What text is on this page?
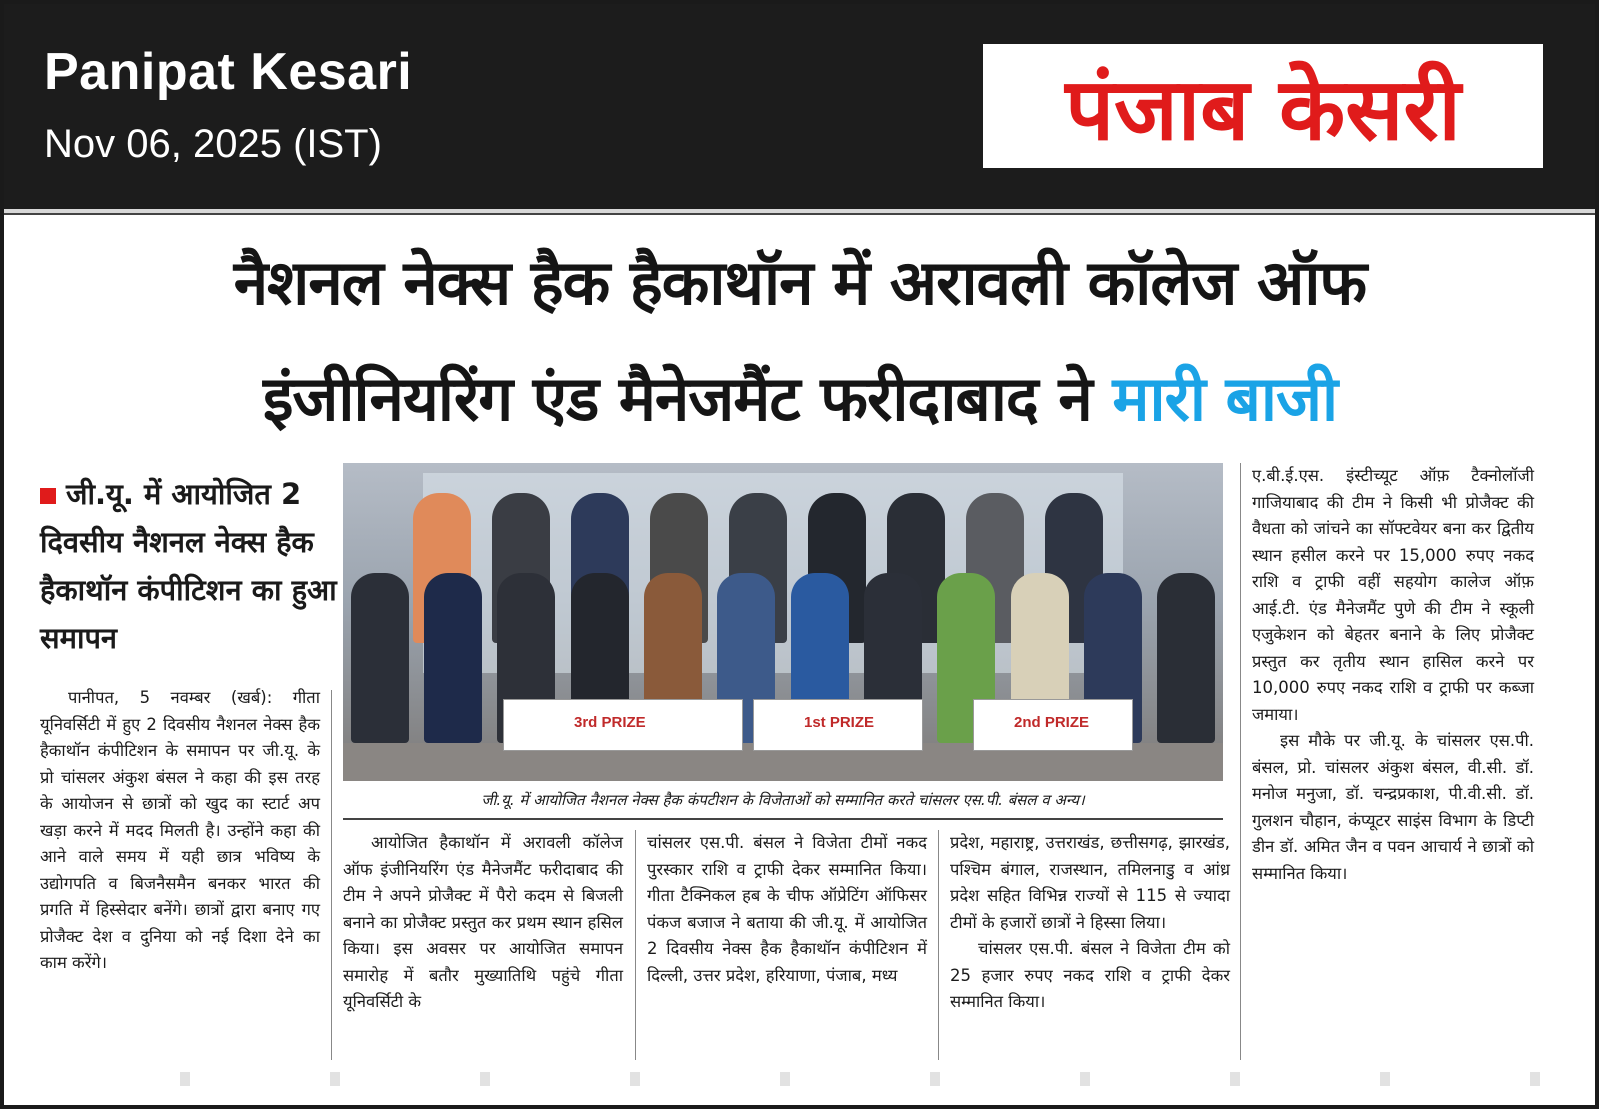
Panipat Kesari
Nov 06, 2025 (IST)	पंजाब केसरी
नैशनल नेक्स हैक हैकाथॉन में अरावली कॉलेज ऑफ
इंजीनियरिंग एंड मैनेजमैंट फरीदाबाद ने मारी बाजी
जी.यू. में आयोजित 2 दिवसीय नैशनल नेक्स हैक हैकाथॉन कंपीटिशन का हुआ समापन
3rd PRIZE	1st PRIZE	2nd PRIZE
जी.यू. में आयोजित नैशनल नेक्स हैक कंपटीशन के विजेताओं को सम्मानित करते चांसलर एस.पी. बंसल व अन्य।

पानीपत, 5 नवम्बर (खर्ब): गीता यूनिवर्सिटी में हुए 2 दिवसीय नैशनल नेक्स हैक हैकाथॉन कंपीटिशन के समापन पर जी.यू. के प्रो चांसलर अंकुश बंसल ने कहा की इस तरह के आयोजन से छात्रों को खुद का स्टार्ट अप खड़ा करने में मदद मिलती है। उन्होंने कहा की आने वाले समय में यही छात्र भविष्य के उद्योगपति व बिजनैसमैन बनकर भारत की प्रगति में हिस्सेदार बनेंगे। छात्रों द्वारा बनाए गए प्रोजैक्ट देश व दुनिया को नई दिशा देने का काम करेंगे।

आयोजित हैकाथॉन में अरावली कॉलेज ऑफ इंजीनियरिंग एंड मैनेजमैंट फरीदाबाद की टीम ने अपने प्रोजैक्ट में पैरो कदम से बिजली बनाने का प्रोजैक्ट प्रस्तुत कर प्रथम स्थान हसिल किया। इस अवसर पर आयोजित समापन समारोह में बतौर मुख्यातिथि पहुंचे गीता यूनिवर्सिटी के

चांसलर एस.पी. बंसल ने विजेता टीमों नकद पुरस्कार राशि व ट्राफी देकर सम्मानित किया। गीता टैक्निकल हब के चीफ ऑप्रेटिंग ऑफिसर पंकज बजाज ने बताया की जी.यू. में आयोजित 2 दिवसीय नेक्स हैक हैकाथॉन कंपीटिशन में दिल्ली, उत्तर प्रदेश, हरियाणा, पंजाब, मध्य

प्रदेश, महाराष्ट्र, उत्तराखंड, छत्तीसगढ़, झारखंड, पश्चिम बंगाल, राजस्थान, तमिलनाडु व आंध्र प्रदेश सहित विभिन्न राज्यों से 115 से ज्यादा टीमों के हजारों छात्रों ने हिस्सा लिया।

चांसलर एस.पी. बंसल ने विजेता टीम को 25 हजार रुपए नकद राशि व ट्राफी देकर सम्मानित किया।

ए.बी.ई.एस. इंस्टीच्यूट ऑफ़ टैक्नोलॉजी गाजियाबाद की टीम ने किसी भी प्रोजैक्ट की वैधता को जांचने का सॉफ्टवेयर बना कर द्वितीय स्थान हसील करने पर 15,000 रुपए नकद राशि व ट्राफी वहीं सहयोग कालेज ऑफ़ आई.टी. एंड मैनेजमैंट पुणे की टीम ने स्कूली एजुकेशन को बेहतर बनाने के लिए प्रोजैक्ट प्रस्तुत कर तृतीय स्थान हासिल करने पर 10,000 रुपए नकद राशि व ट्राफी पर कब्जा जमाया।

इस मौके पर जी.यू. के चांसलर एस.पी. बंसल, प्रो. चांसलर अंकुश बंसल, वी.सी. डॉ. मनोज मनुजा, डॉ. चन्द्रप्रकाश, पी.वी.सी. डॉ. गुलशन चौहान, कंप्यूटर साइंस विभाग के डिप्टी डीन डॉ. अमित जैन व पवन आचार्य ने छात्रों को सम्मानित किया।
